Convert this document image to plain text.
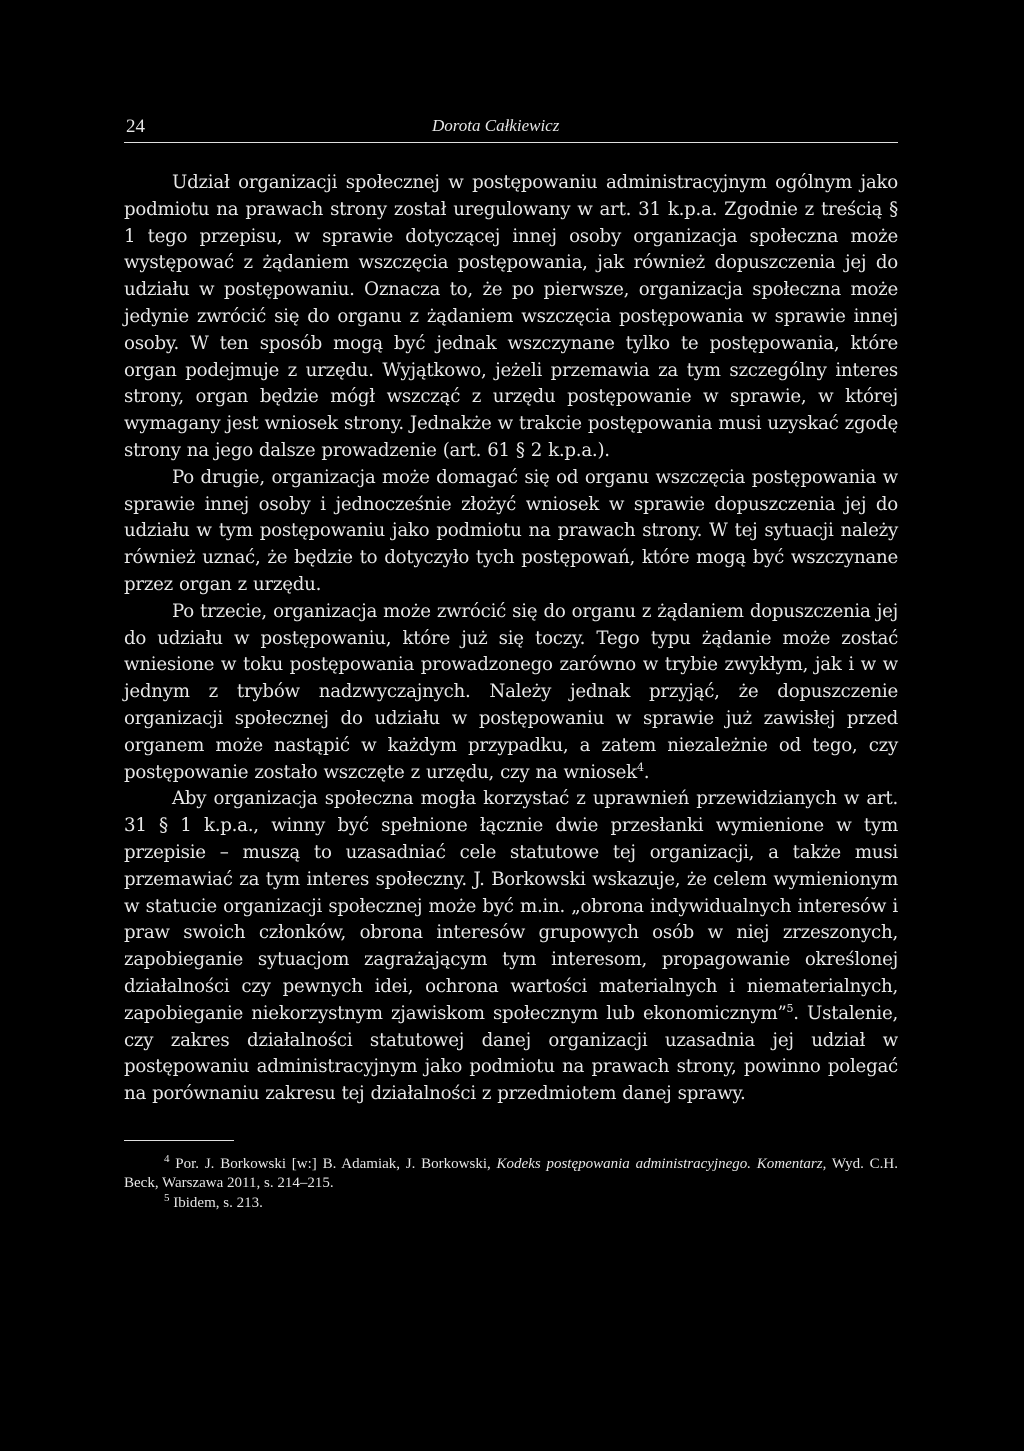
24	Dorota Całkiewicz

Udział organizacji społecznej w postępowaniu administracyjnym ogólnym jako podmiotu na prawach strony został uregulowany w art. 31 k.p.a. Zgodnie z treścią § 1 tego przepisu, w sprawie dotyczącej innej osoby organizacja społeczna może występować z żądaniem wszczęcia postępowania, jak również dopuszczenia jej do udziału w postępowaniu. Oznacza to, że po pierwsze, organizacja społeczna może jedynie zwrócić się do organu z żądaniem wszczęcia postępowania w sprawie innej osoby. W ten sposób mogą być jednak wszczynane tylko te postępowania, które organ podejmuje z urzędu. Wyjątkowo, jeżeli przemawia za tym szczególny interes strony, organ będzie mógł wszcząć z urzędu postępowanie w sprawie, w której wymagany jest wniosek strony. Jednakże w trakcie postępowania musi uzyskać zgodę strony na jego dalsze prowadzenie (art. 61 § 2 k.p.a.).

Po drugie, organizacja może domagać się od organu wszczęcia postępowania w sprawie innej osoby i jednocześnie złożyć wniosek w sprawie dopuszczenia jej do udziału w tym postępowaniu jako podmiotu na prawach strony. W tej sytuacji należy również uznać, że będzie to dotyczyło tych postępowań, które mogą być wszczynane przez organ z urzędu.

Po trzecie, organizacja może zwrócić się do organu z żądaniem dopuszczenia jej do udziału w postępowaniu, które już się toczy. Tego typu żądanie może zostać wniesione w toku postępowania prowadzonego zarówno w trybie zwykłym, jak i w w jednym z trybów nadzwyczajnych. Należy jednak przyjąć, że dopuszczenie organizacji społecznej do udziału w postępowaniu w sprawie już zawisłej przed organem może nastąpić w każdym przypadku, a zatem niezależnie od tego, czy postępowanie zostało wszczęte z urzędu, czy na wniosek$^4$.

Aby organizacja społeczna mogła korzystać z uprawnień przewidzianych w art. 31 § 1 k.p.a., winny być spełnione łącznie dwie przesłanki wymienione w tym przepisie – muszą to uzasadniać cele statutowe tej organizacji, a także musi przemawiać za tym interes społeczny. J. Borkowski wskazuje, że celem wymienionym w statucie organizacji społecznej może być m.in. „obrona indywidualnych interesów i praw swoich członków, obrona interesów grupowych osób w niej zrzeszonych, zapobieganie sytuacjom zagrażającym tym interesom, propagowanie określonej działalności czy pewnych idei, ochrona wartości materialnych i niematerialnych, zapobieganie niekorzystnym zjawiskom społecznym lub ekonomicznym”$^5$. Ustalenie, czy zakres działalności statutowej danej organizacji uzasadnia jej udział w postępowaniu administracyjnym jako podmiotu na prawach strony, powinno polegać na porównaniu zakresu tej działalności z przedmiotem danej sprawy.

$^4$ Por. J. Borkowski [w:] B. Adamiak, J. Borkowski, Kodeks postępowania administracyjnego. Komentarz, Wyd. C.H. Beck, Warszawa 2011, s. 214–215.

$^5$ Ibidem, s. 213.
